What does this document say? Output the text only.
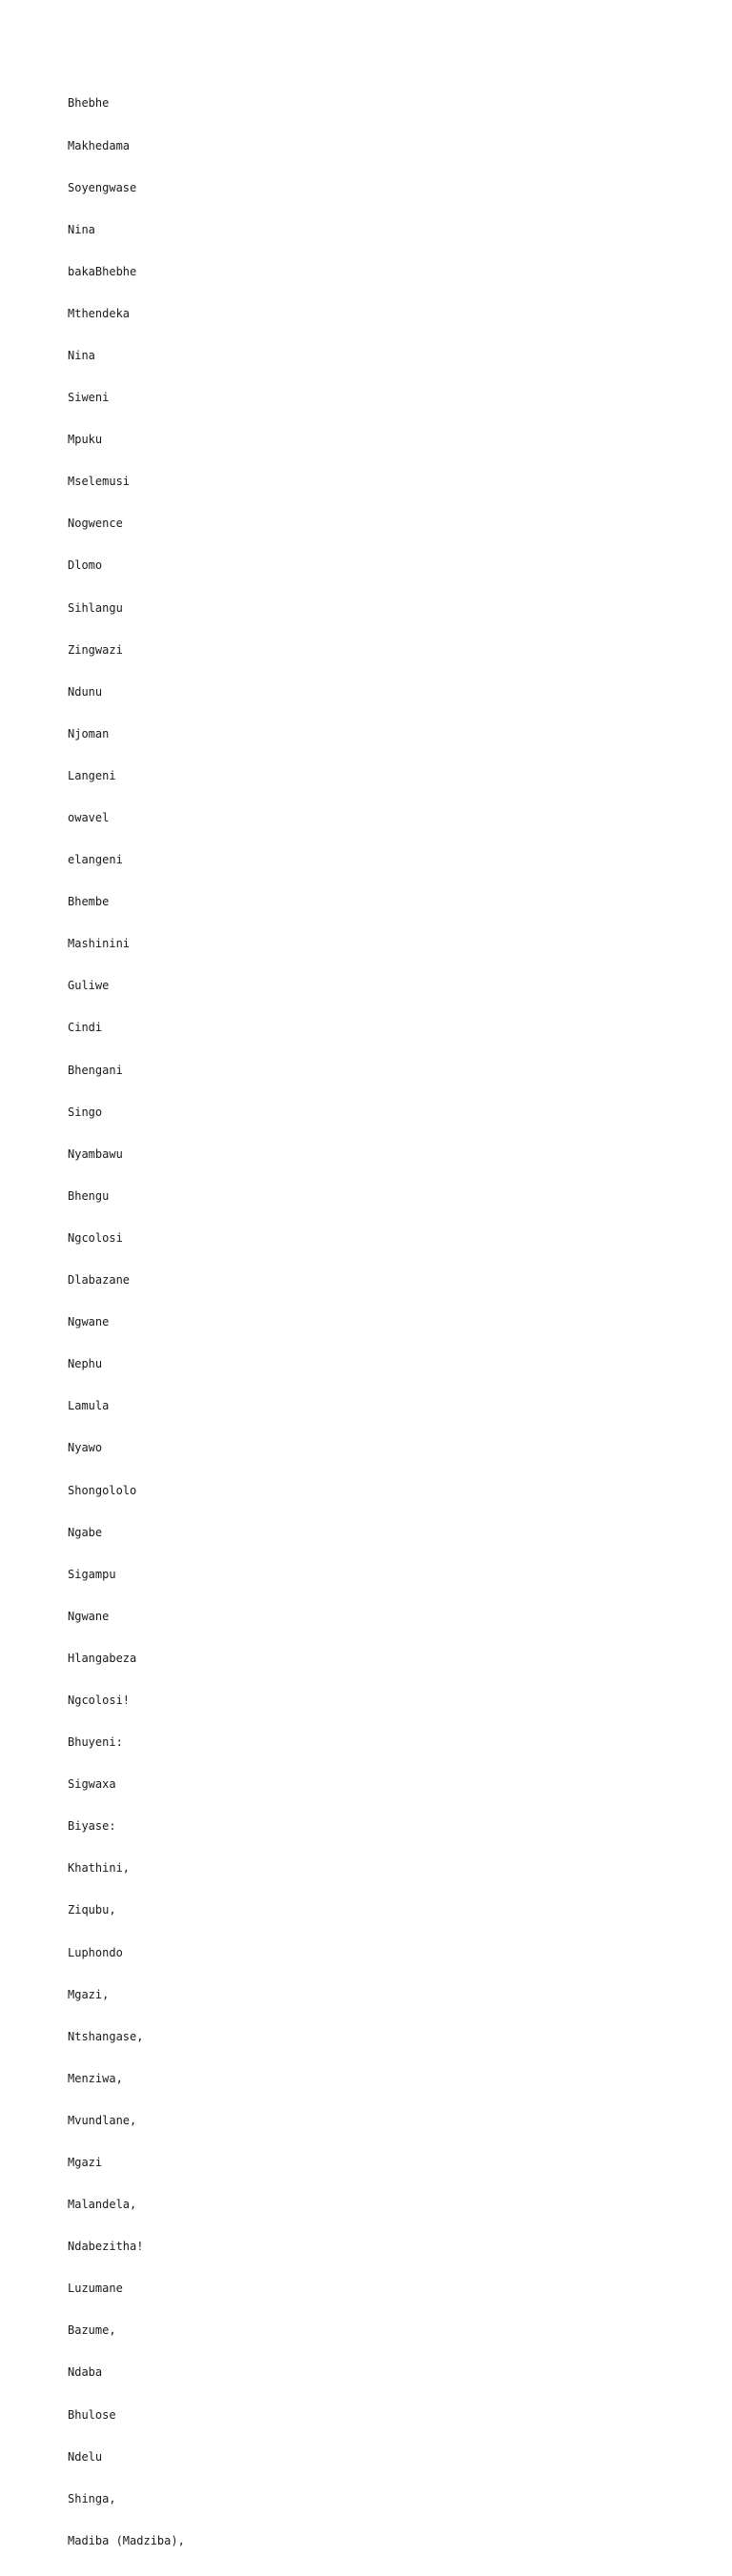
Bhebhe

Makhedama

Soyengwase

Nina

bakaBhebhe

Mthendeka

Nina

Siweni

Mpuku

Mselemusi

Nogwence

Dlomo

Sihlangu

Zingwazi

Ndunu

Njoman

Langeni

owavel

elangeni

Bhembe

Mashinini

Guliwe

Cindi

Bhengani

Singo

Nyambawu

Bhengu

Ngcolosi

Dlabazane

Ngwane

Nephu

Lamula

Nyawo

Shongololo

Ngabe

Sigampu

Ngwane

Hlangabeza

Ngcolosi!

Bhuyeni:

Sigwaxa

Biyase:

Khathini,

Ziqubu,

Luphondo

Mgazi,

Ntshangase,

Menziwa,

Mvundlane,

Mgazi

Malandela,

Ndabezitha!

Luzumane

Bazume,

Ndaba

Bhulose

Ndelu

Shinga,

Madiba (Madziba),
